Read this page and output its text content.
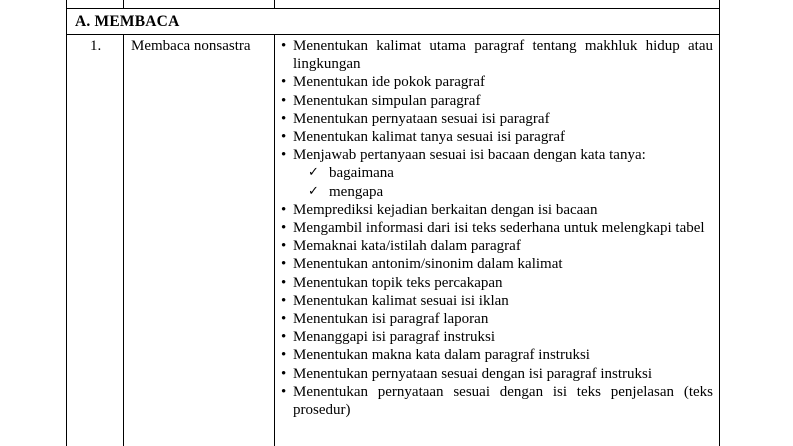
A. MEMBACA
1. Membaca nonsastra • Menentukan kalimat utama paragraf tentang makhluk hidup atau lingkungan
• Menentukan ide pokok paragraf
• Menentukan simpulan paragraf
• Menentukan pernyataan sesuai isi paragraf
• Menentukan kalimat tanya sesuai isi paragraf
• Menjawab pertanyaan sesuai isi bacaan dengan kata tanya:
✓ bagaimana
✓ mengapa
• Memprediksi kejadian berkaitan dengan isi bacaan
• Mengambil informasi dari isi teks sederhana untuk melengkapi tabel
• Memaknai kata/istilah dalam paragraf
• Menentukan antonim/sinonim dalam kalimat
• Menentukan topik teks percakapan
• Menentukan kalimat sesuai isi iklan
• Menentukan isi paragraf laporan
• Menanggapi isi paragraf instruksi
• Menentukan makna kata dalam paragraf instruksi
• Menentukan pernyataan sesuai dengan isi paragraf instruksi
• Menentukan pernyataan sesuai dengan isi teks penjelasan (teks prosedur)
